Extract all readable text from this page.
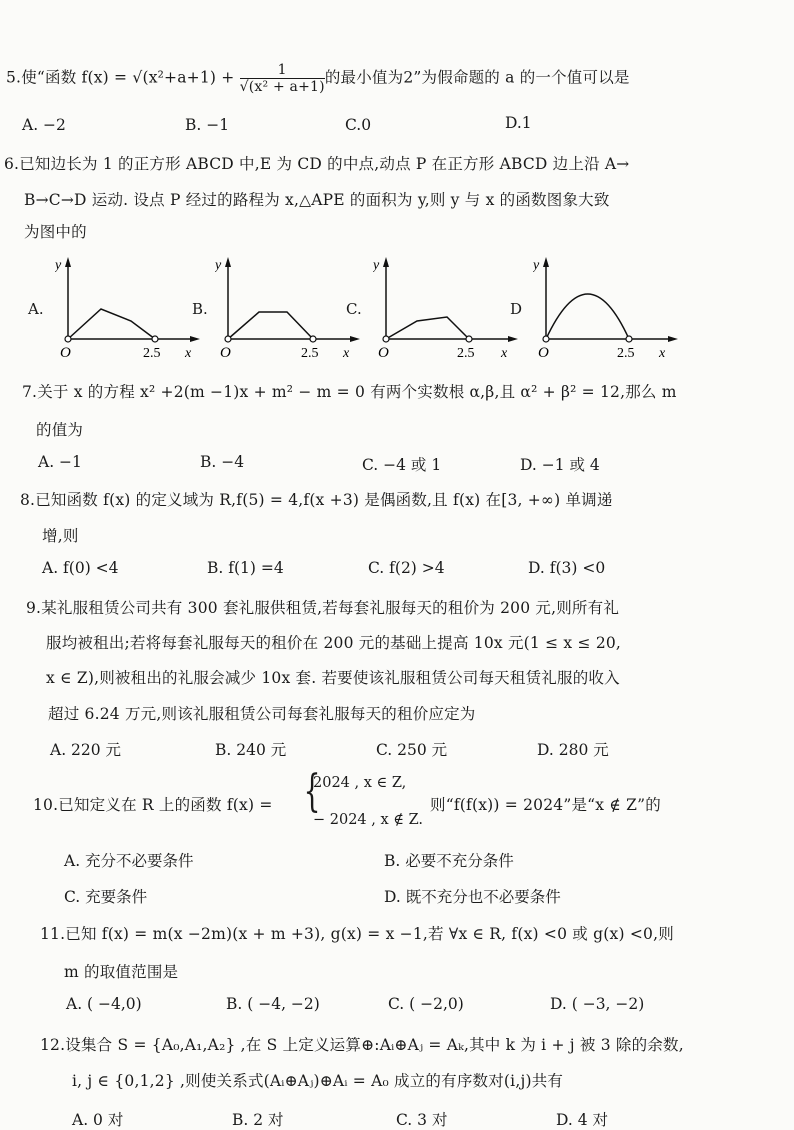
5.使“函数 $f(x) = √(x^2+a+1) + \frac{1}{\text{√(x² + a+1)}}$ 的最小值为2”为假命题的 a 的一个值可以是
A. −2	B. −1	C.0	D.1
6.已知边长为 1 的正方形 ABCD 中,E 为 CD 的中点,动点 P 在正方形 ABCD 边上沿 A→
B→C→D 运动. 设点 P 经过的路程为 x,△APE 的面积为 y,则 y 与 x 的函数图象大致
为图中的
A.
y
O	2.5 x
B.
y
O	2.5 x
C.
y
O	2.5 x
D
y
O	2.5 x
7.关于 x 的方程 x² +2(m −1)x + m² − m = 0 有两个实数根 α,β,且 α² + β² = 12,那么 m
的值为
A. −1	B. −4	C. −4 或 1	D. −1 或 4
8.已知函数 f(x) 的定义域为 R,f(5) = 4,f(x +3) 是偶函数,且 f(x) 在[3, +∞) 单调递
增,则
A. f(0) <4	B. f(1) =4	C. f(2) >4	D. f(3) <0
9.某礼服租赁公司共有 300 套礼服供租赁,若每套礼服每天的租价为 200 元,则所有礼
服均被租出;若将每套礼服每天的租价在 200 元的基础上提高 10x 元(1 ≤ x ≤ 20,
x ∈ Z),则被租出的礼服会减少 10x 套. 若要使该礼服租赁公司每天租赁礼服的收入
超过 6.24 万元,则该礼服租赁公司每套礼服每天的租价应定为
A. 220 元	B. 240 元	C. 250 元	D. 280 元
10.已知定义在 R 上的函数 f(x) = {
2024 , x ∈ Z,
− 2024 , x ∉ Z.
则“f(f(x)) = 2024”是“x ∉ Z”的
A. 充分不必要条件	B. 必要不充分条件
C. 充要条件	D. 既不充分也不必要条件
11.已知 f(x) = m(x −2m)(x + m +3), g(x) = x −1,若 ∀x ∈ R, f(x) <0 或 g(x) <0,则
m 的取值范围是
A. ( −4,0)	B. ( −4, −2)	C. ( −2,0)	D. ( −3, −2)
12.设集合 S = {A₀,A₁,A₂} ,在 S 上定义运算⊕:Aᵢ⊕Aⱼ = Aₖ,其中 k 为 i + j 被 3 除的余数,
i, j ∈ {0,1,2} ,则使关系式(Aᵢ⊕Aⱼ)⊕Aᵢ = A₀ 成立的有序数对(i,j)共有
A. 0 对	B. 2 对	C. 3 对	D. 4 对
